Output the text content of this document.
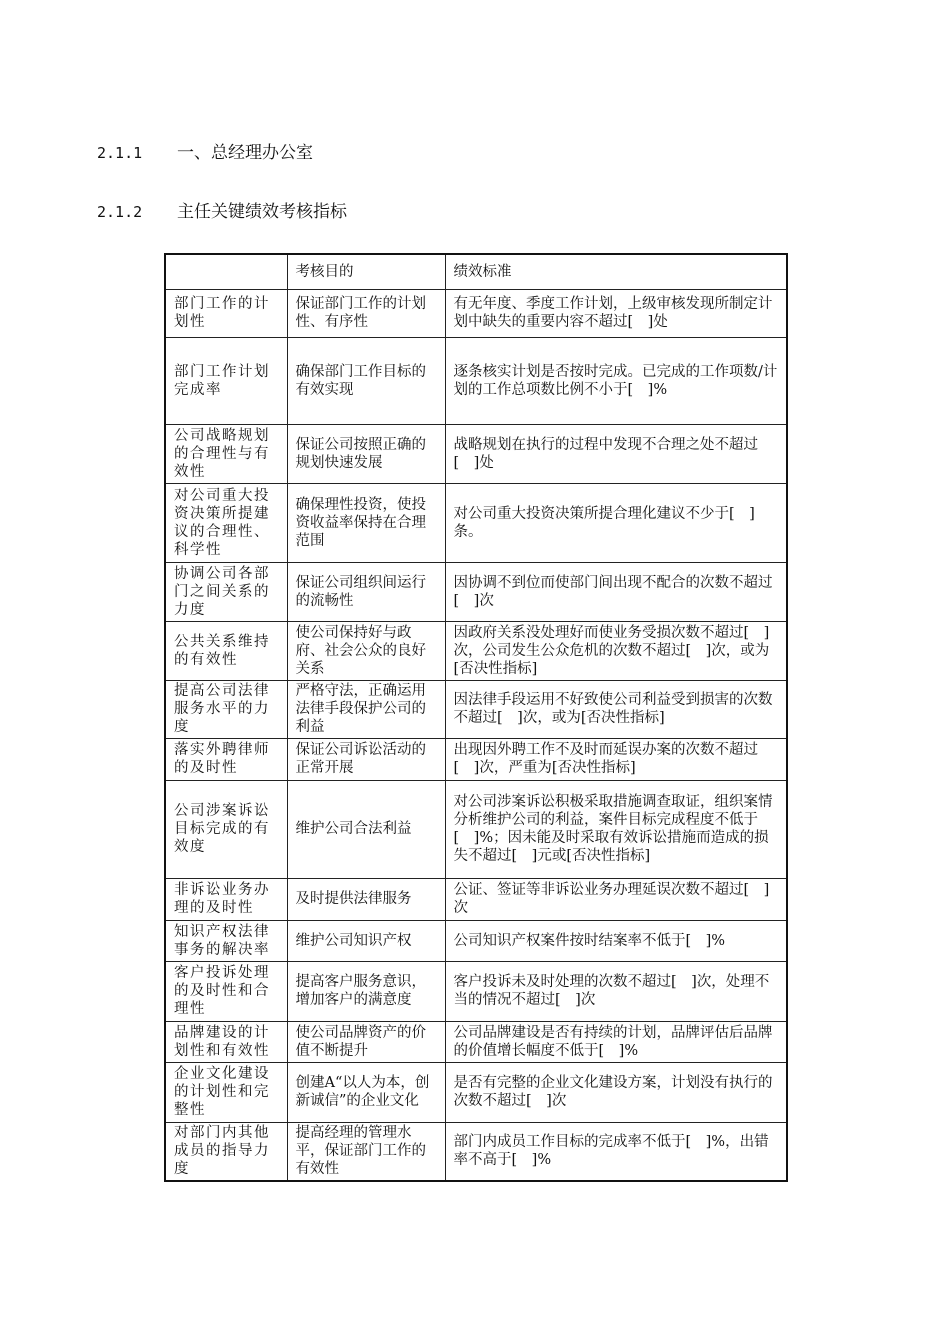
2.1.1 一、总经理办公室
2.1.2 主任关键绩效考核指标
	考核目的	绩效标准
部门工作的计划性	保证部门工作的计划性、有序性	有无年度、季度工作计划，上级审核发现所制定计划中缺失的重要内容不超过[　]处
部门工作计划完成率	确保部门工作目标的有效实现	逐条核实计划是否按时完成。已完成的工作项数/计划的工作总项数比例不小于[　]%
公司战略规划的合理性与有效性	保证公司按照正确的规划快速发展	战略规划在执行的过程中发现不合理之处不超过[　]处
对公司重大投资决策所提建议的合理性、科学性	确保理性投资，使投资收益率保持在合理范围	对公司重大投资决策所提合理化建议不少于[　]条。
协调公司各部门之间关系的力度	保证公司组织间运行的流畅性	因协调不到位而使部门间出现不配合的次数不超过[　]次
公共关系维持的有效性	使公司保持好与政府、社会公众的良好关系	因政府关系没处理好而使业务受损次数不超过[　]次，公司发生公众危机的次数不超过[　]次，或为[否决性指标]
提高公司法律服务水平的力度	严格守法，正确运用法律手段保护公司的利益	因法律手段运用不好致使公司利益受到损害的次数不超过[　]次，或为[否决性指标]
落实外聘律师的及时性	保证公司诉讼活动的正常开展	出现因外聘工作不及时而延误办案的次数不超过[　]次，严重为[否决性指标]
公司涉案诉讼目标完成的有效度	维护公司合法利益	对公司涉案诉讼积极采取措施调查取证，组织案情分析维护公司的利益，案件目标完成程度不低于[　]%；因未能及时采取有效诉讼措施而造成的损失不超过[　]元或[否决性指标]
非诉讼业务办理的及时性	及时提供法律服务	公证、签证等非诉讼业务办理延误次数不超过[　]次
知识产权法律事务的解决率	维护公司知识产权	公司知识产权案件按时结案率不低于[　]%
客户投诉处理的及时性和合理性	提高客户服务意识，增加客户的满意度	客户投诉未及时处理的次数不超过[　]次，处理不当的情况不超过[　]次
品牌建设的计划性和有效性	使公司品牌资产的价值不断提升	公司品牌建设是否有持续的计划，品牌评估后品牌的价值增长幅度不低于[　]%
企业文化建设的计划性和完整性	创建A“以人为本，创新诚信”的企业文化	是否有完整的企业文化建设方案，计划没有执行的次数不超过[　]次
对部门内其他成员的指导力度	提高经理的管理水平，保证部门工作的有效性	部门内成员工作目标的完成率不低于[　]%，出错率不高于[　]%
